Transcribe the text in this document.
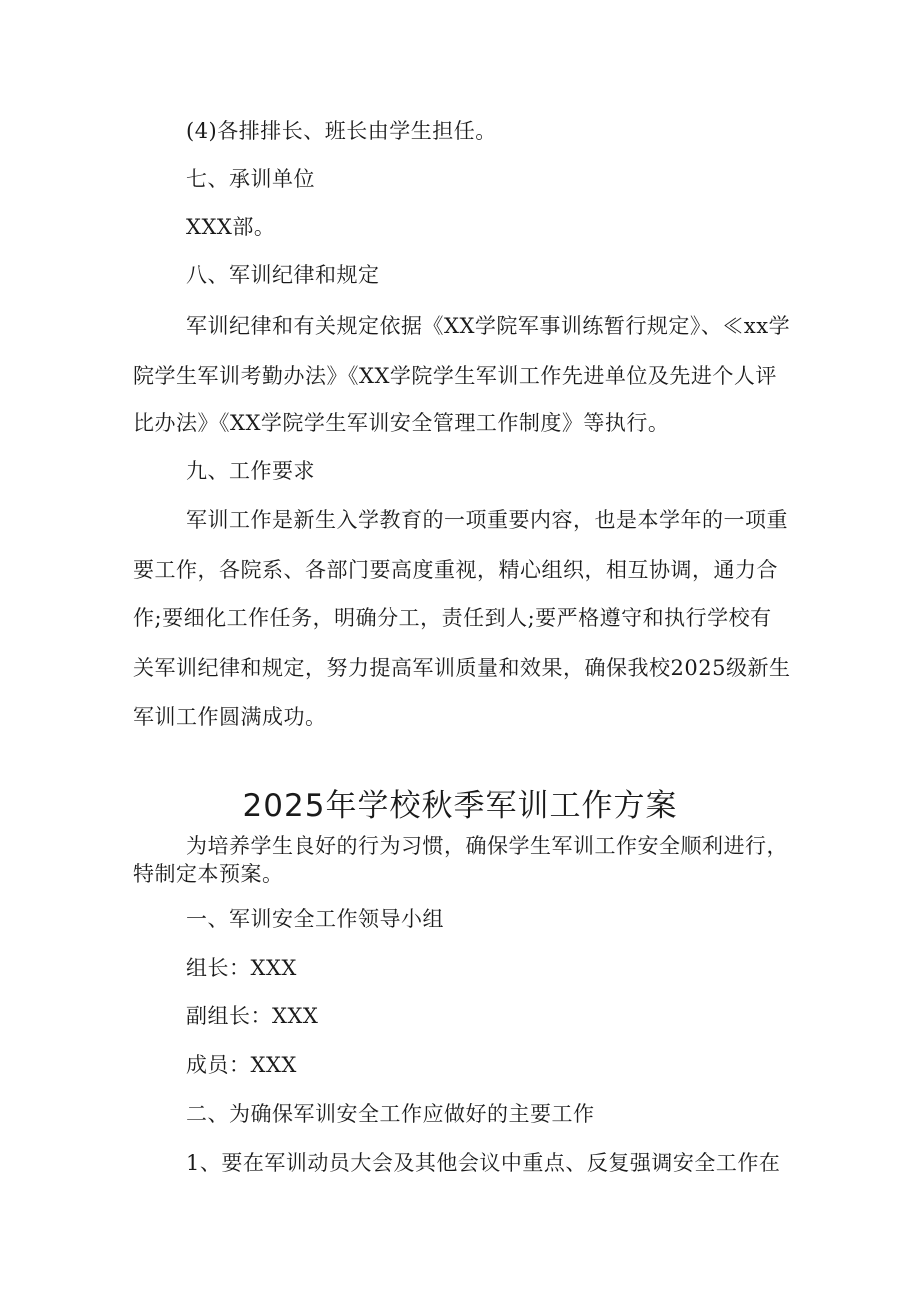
(4)各排排长、班长由学生担任。
七、承训单位
XXX部。
八、军训纪律和规定
军训纪律和有关规定依据《XX学院军事训练暂行规定》、≪xx学
院学生军训考勤办法》《XX学院学生军训工作先进单位及先进个人评
比办法》《XX学院学生军训安全管理工作制度》等执行。
九、工作要求
军训工作是新生入学教育的一项重要内容，也是本学年的一项重
要工作，各院系、各部门要高度重视，精心组织，相互协调，通力合
作;要细化工作任务，明确分工，责任到人;要严格遵守和执行学校有
关军训纪律和规定，努力提高军训质量和效果，确保我校2025级新生
军训工作圆满成功。
2025年学校秋季军训工作方案
为培养学生良好的行为习惯，确保学生军训工作安全顺利进行，
特制定本预案。
一、军训安全工作领导小组
组长：XXX
副组长：XXX
成员：XXX
二、为确保军训安全工作应做好的主要工作
1、要在军训动员大会及其他会议中重点、反复强调安全工作在
